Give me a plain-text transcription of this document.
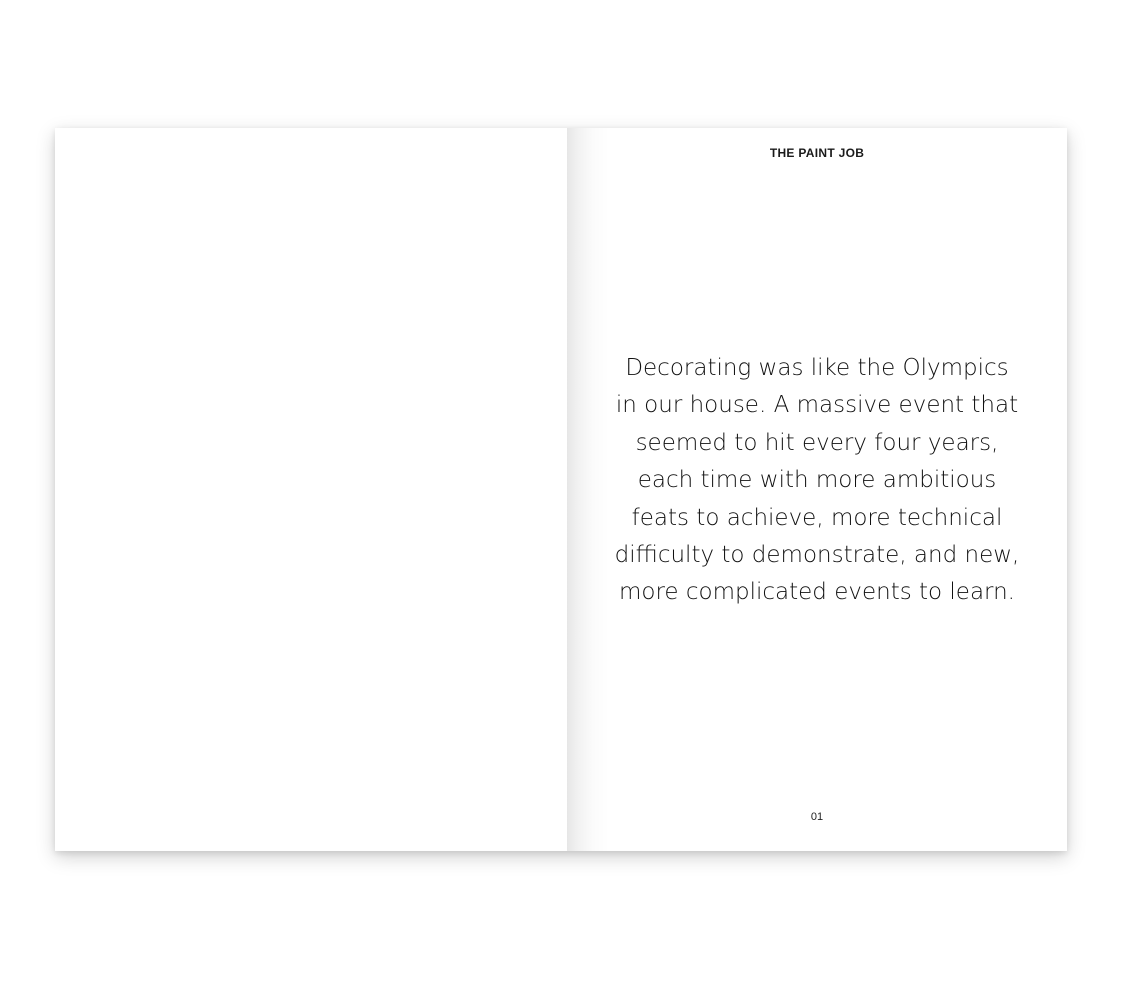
THE PAINT JOB
Decorating was like the Olympics
in our house. A massive event that
seemed to hit every four years,
each time with more ambitious
feats to achieve, more technical
difficulty to demonstrate, and new,
more complicated events to learn.
01
